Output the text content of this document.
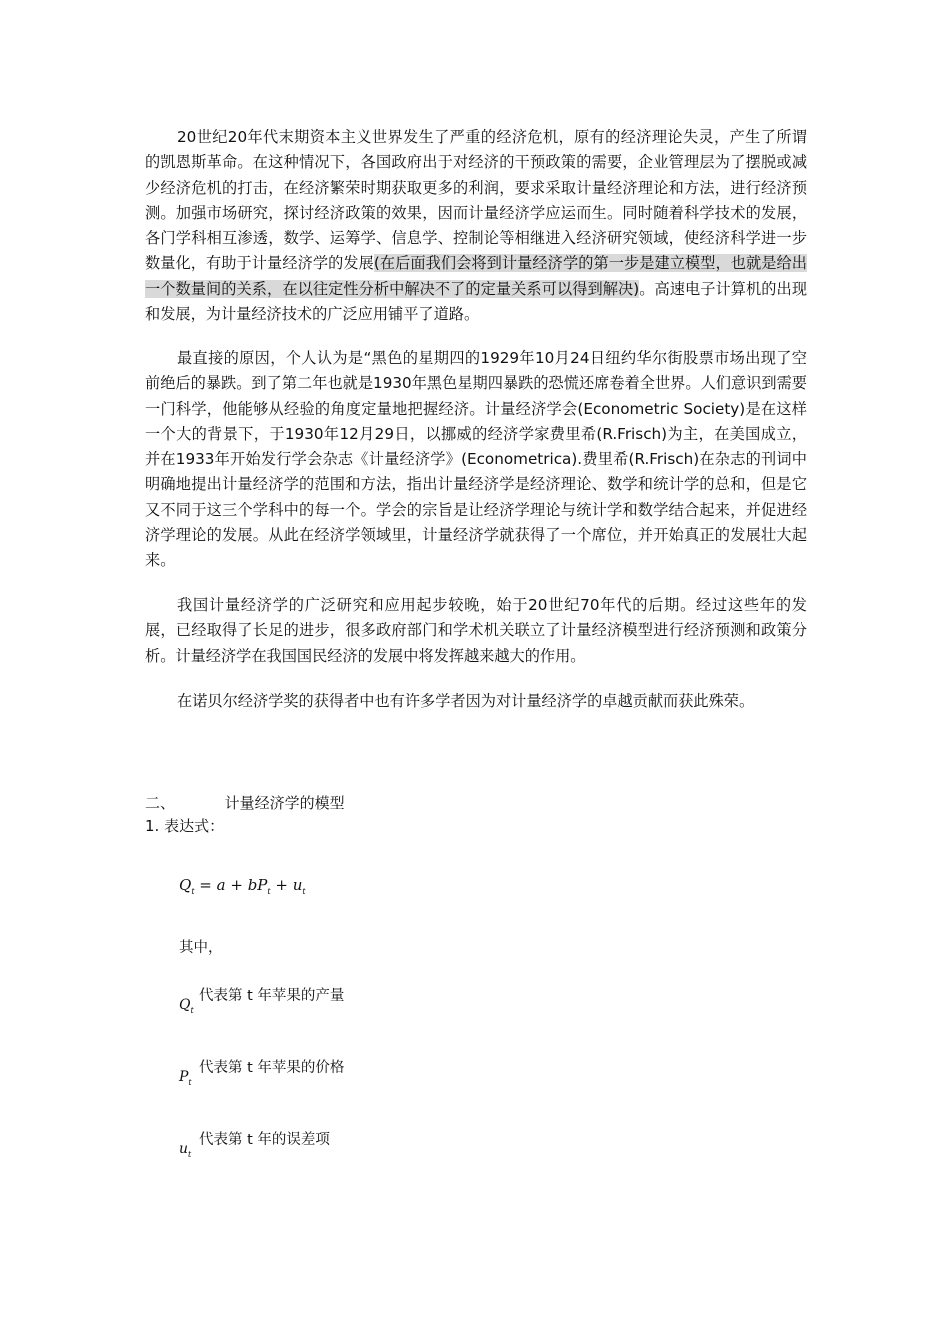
20世纪20年代末期资本主义世界发生了严重的经济危机，原有的经济理论失灵，产生了所谓的凯恩斯革命。在这种情况下，各国政府出于对经济的干预政策的需要，企业管理层为了摆脱或减少经济危机的打击，在经济繁荣时期获取更多的利润，要求采取计量经济理论和方法，进行经济预测。加强市场研究，探讨经济政策的效果，因而计量经济学应运而生。同时随着科学技术的发展，各门学科相互渗透，数学、运筹学、信息学、控制论等相继进入经济研究领域，使经济科学进一步数量化，有助于计量经济学的发展(在后面我们会将到计量经济学的第一步是建立模型，也就是给出一个数量间的关系，在以往定性分析中解决不了的定量关系可以得到解决)。高速电子计算机的出现和发展，为计量经济技术的广泛应用铺平了道路。

最直接的原因，个人认为是“黑色的星期四的1929年10月24日纽约华尔街股票市场出现了空前绝后的暴跌。到了第二年也就是1930年黑色星期四暴跌的恐慌还席卷着全世界。人们意识到需要一门科学，他能够从经验的角度定量地把握经济。计量经济学会(Econometric Society)是在这样一个大的背景下，于1930年12月29日，以挪威的经济学家费里希(R.Frisch)为主，在美国成立，并在1933年开始发行学会杂志《计量经济学》(Econometrica).费里希(R.Frisch)在杂志的刊词中明确地提出计量经济学的范围和方法，指出计量经济学是经济理论、数学和统计学的总和，但是它又不同于这三个学科中的每一个。学会的宗旨是让经济学理论与统计学和数学结合起来，并促进经济学理论的发展。从此在经济学领域里，计量经济学就获得了一个席位，并开始真正的发展壮大起来。

我国计量经济学的广泛研究和应用起步较晚，始于20世纪70年代的后期。经过这些年的发展，已经取得了长足的进步，很多政府部门和学术机关联立了计量经济模型进行经济预测和政策分析。计量经济学在我国国民经济的发展中将发挥越来越大的作用。

在诺贝尔经济学奖的获得者中也有许多学者因为对计量经济学的卓越贡献而获此殊荣。

二、	计量经济学的模型
1. 表达式：
$Q_t = a + bP_t + u_t$
其中，
$Q_t$
代表第 t 年苹果的产量
$P_t$
代表第 t 年苹果的价格
$u_t$
代表第 t 年的误差项
